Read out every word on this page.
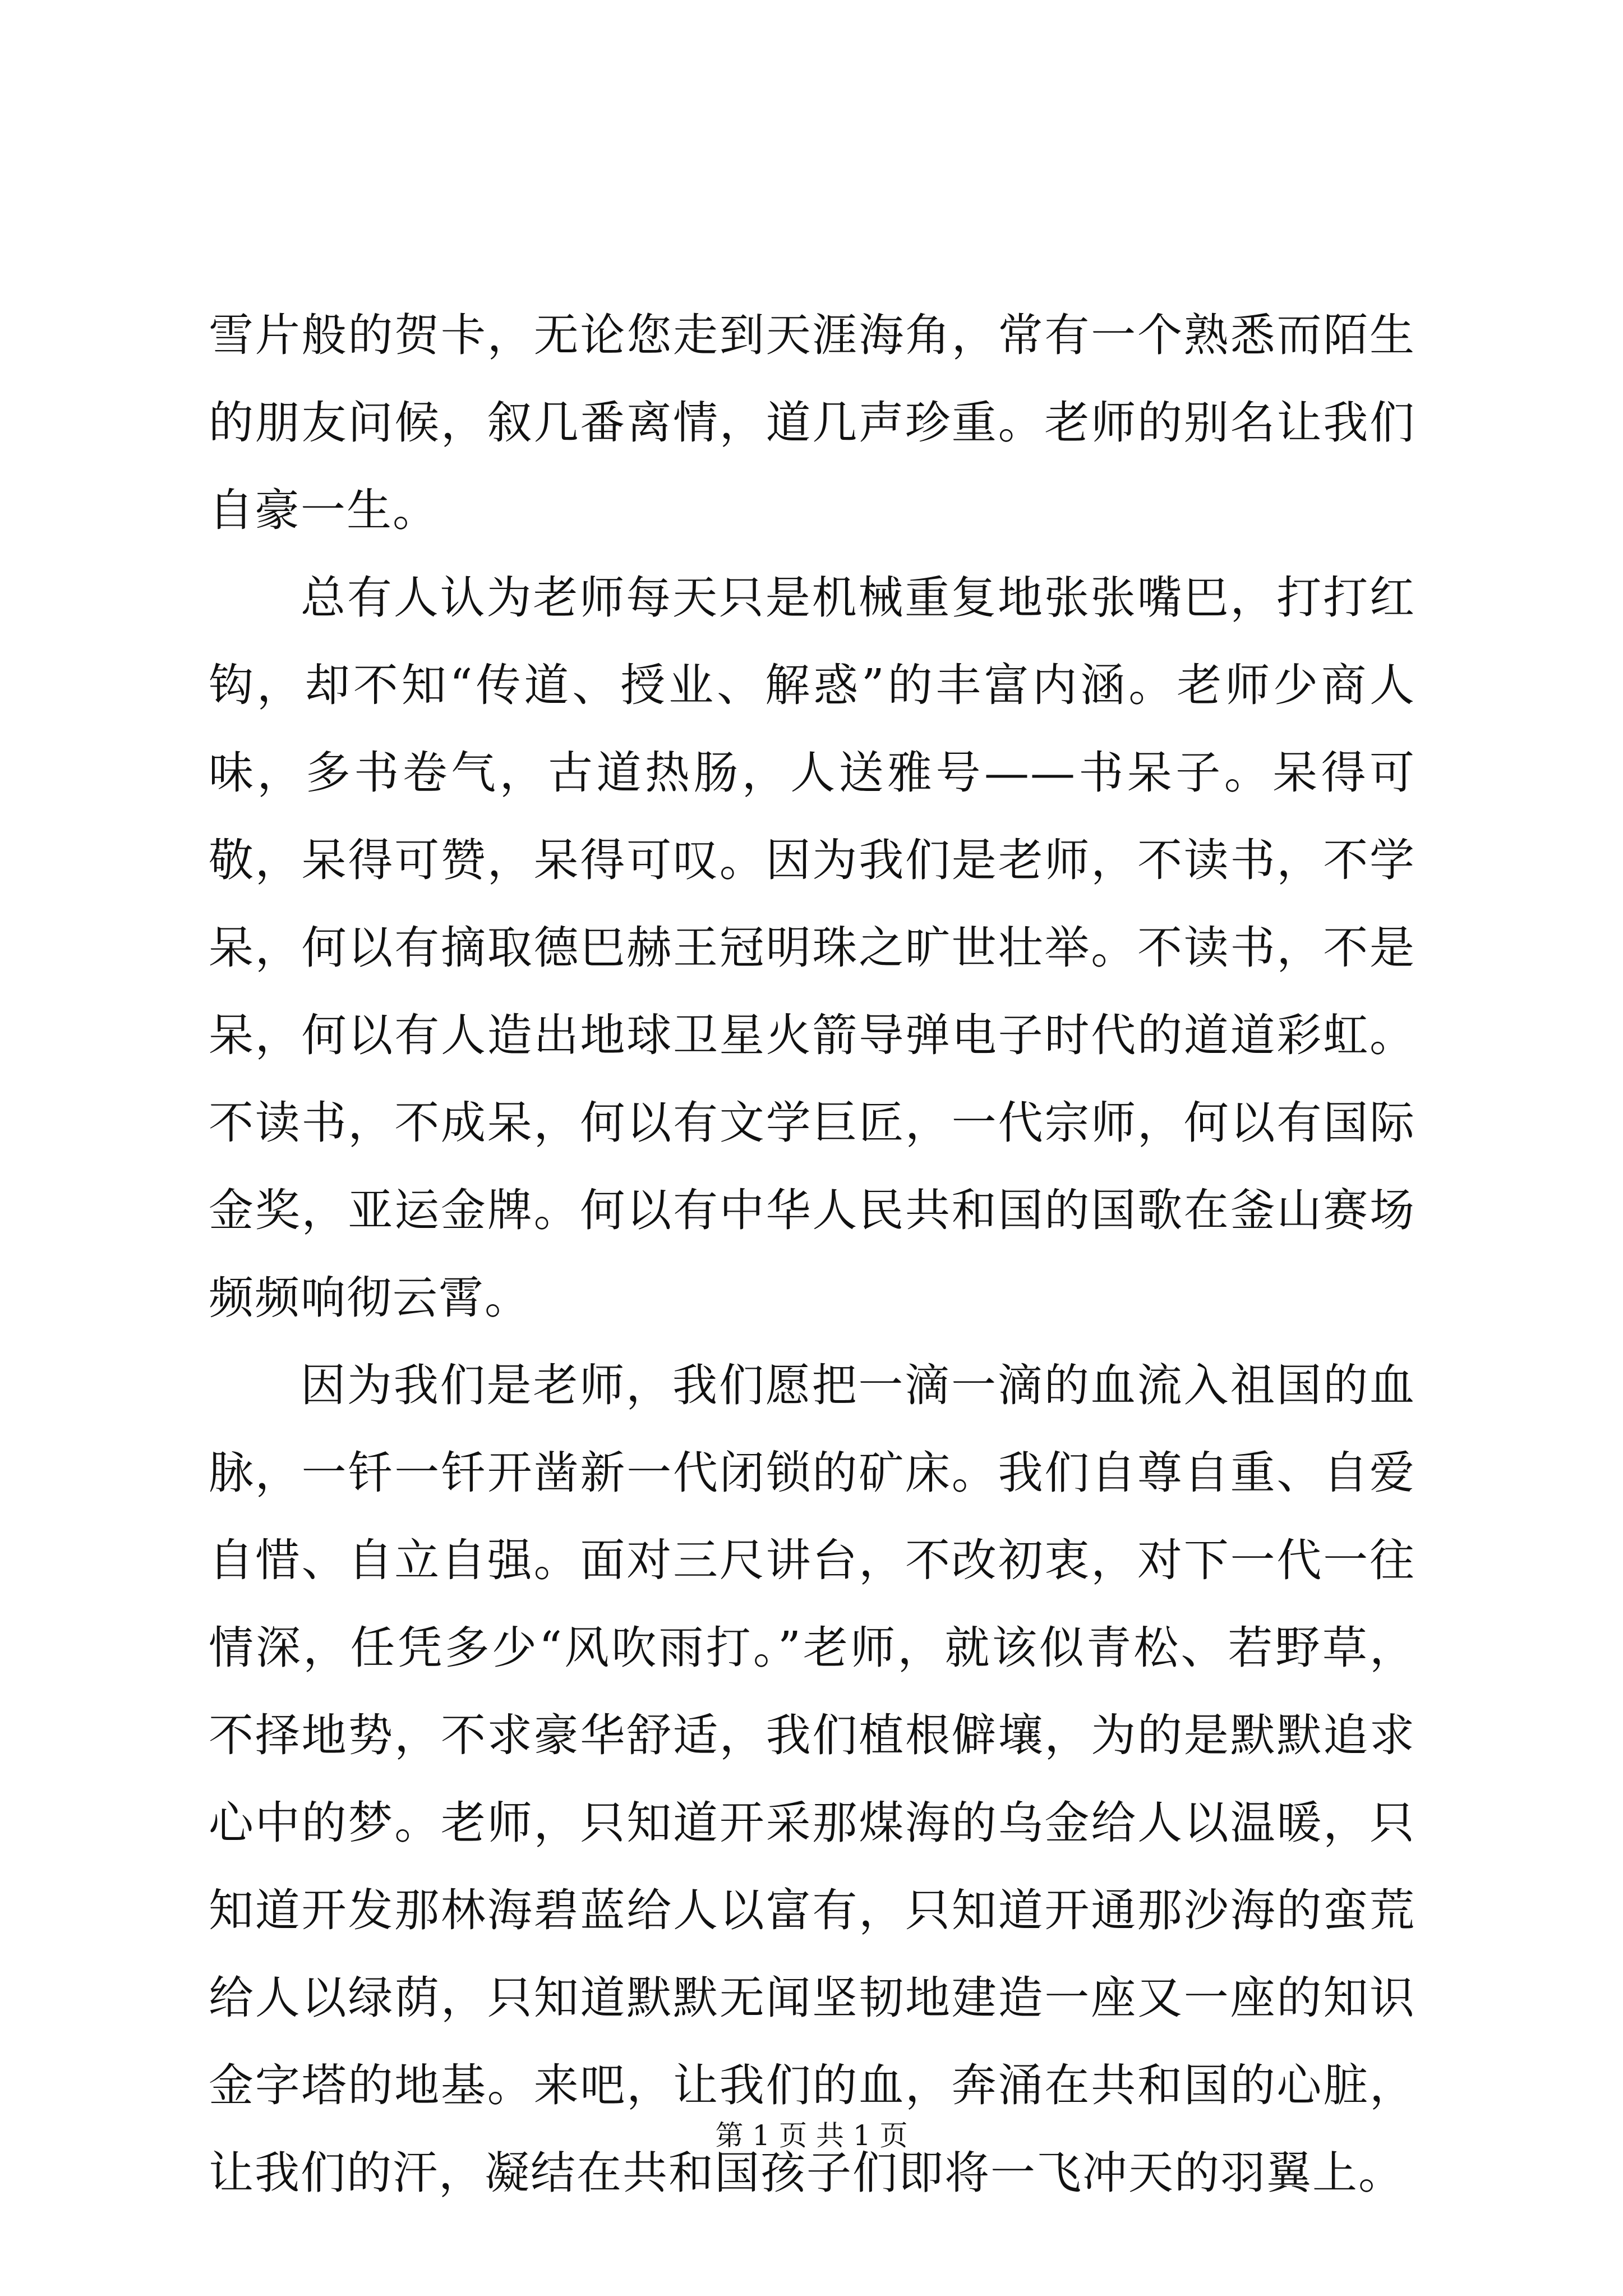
雪片般的贺卡，无论您走到天涯海角，常有一个熟悉而陌生的朋友问候，叙几番离情，道几声珍重。老师的别名让我们自豪一生。

总有人认为老师每天只是机械重复地张张嘴巴，打打红钩，却不知“传道、授业、解惑”的丰富内涵。老师少商人味，多书卷气，古道热肠，人送雅号——书呆子。呆得可敬，呆得可赞，呆得可叹。因为我们是老师，不读书，不学呆，何以有摘取德巴赫王冠明珠之旷世壮举。不读书，不是呆，何以有人造出地球卫星火箭导弹电子时代的道道彩虹。不读书，不成呆，何以有文学巨匠，一代宗师，何以有国际金奖，亚运金牌。何以有中华人民共和国的国歌在釜山赛场频频响彻云霄。

因为我们是老师，我们愿把一滴一滴的血流入祖国的血脉，一钎一钎开凿新一代闭锁的矿床。我们自尊自重、自爱自惜、自立自强。面对三尺讲台，不改初衷，对下一代一往情深，任凭多少“风吹雨打。”老师，就该似青松、若野草，不择地势，不求豪华舒适，我们植根僻壤，为的是默默追求心中的梦。老师，只知道开采那煤海的乌金给人以温暖，只知道开发那林海碧蓝给人以富有，只知道开通那沙海的蛮荒给人以绿荫，只知道默默无闻坚韧地建造一座又一座的知识金字塔的地基。来吧，让我们的血，奔涌在共和国的心脏，让我们的汗，凝结在共和国孩子们即将一飞冲天的羽翼上。

第 1 页 共 1 页
